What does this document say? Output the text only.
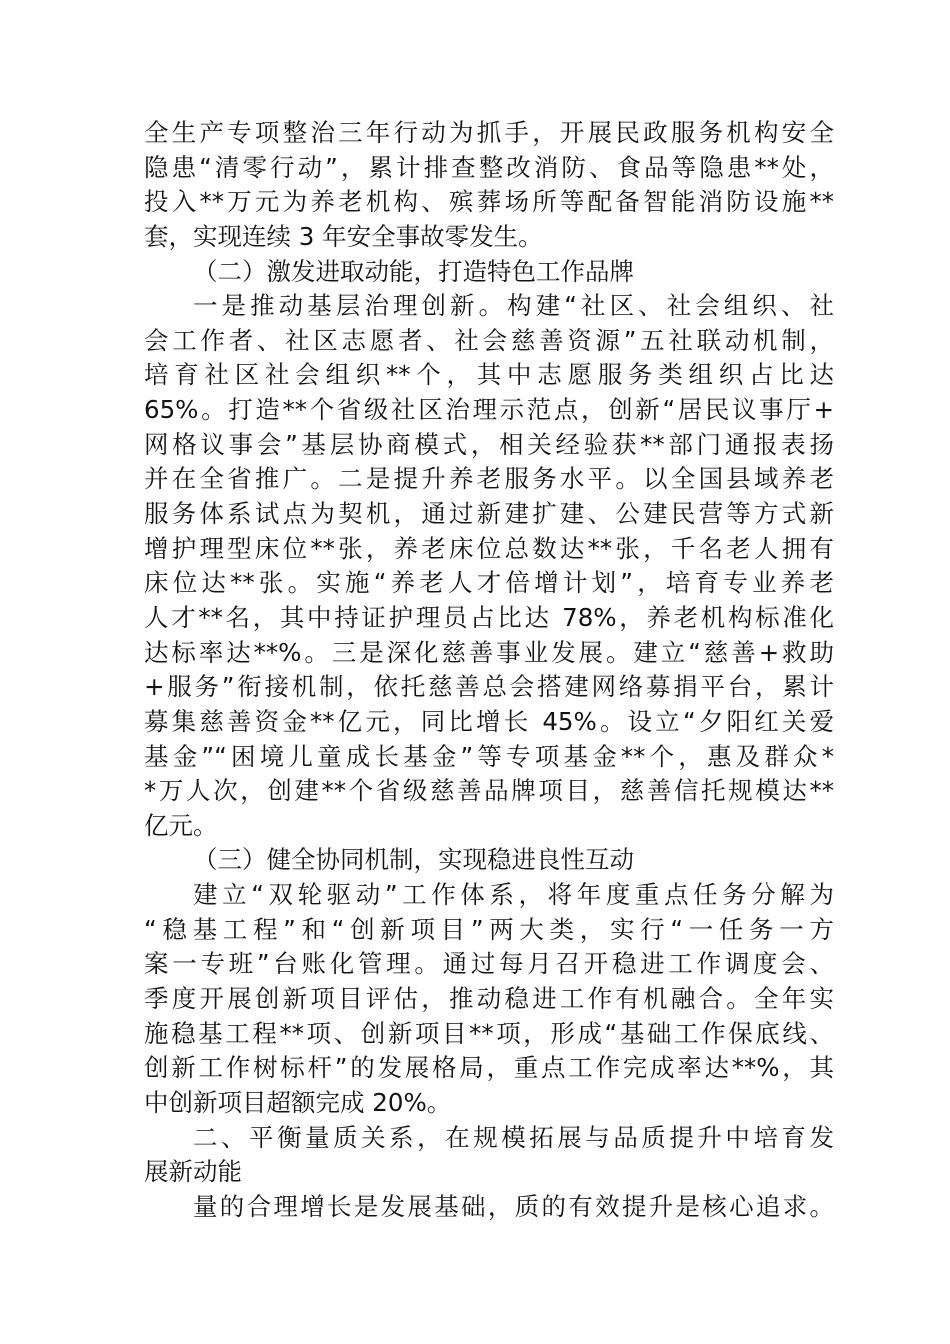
全生产专项整治三年行动为抓手，开展民政服务机构安全
隐患“清零行动”，累计排查整改消防、食品等隐患**处，
投入**万元为养老机构、殡葬场所等配备智能消防设施**
套，实现连续 3 年安全事故零发生。
（二）激发进取动能，打造特色工作品牌
一是推动基层治理创新。构建“社区、社会组织、社
会工作者、社区志愿者、社会慈善资源”五社联动机制，
培育社区社会组织**个，其中志愿服务类组织占比达
65%。打造**个省级社区治理示范点，创新“居民议事厅+
网格议事会”基层协商模式，相关经验获**部门通报表扬
并在全省推广。二是提升养老服务水平。以全国县域养老
服务体系试点为契机，通过新建扩建、公建民营等方式新
增护理型床位**张，养老床位总数达**张，千名老人拥有
床位达**张。实施“养老人才倍增计划”，培育专业养老
人才**名，其中持证护理员占比达 78%，养老机构标准化
达标率达**%。三是深化慈善事业发展。建立“慈善+救助
+服务”衔接机制，依托慈善总会搭建网络募捐平台，累计
募集慈善资金**亿元，同比增长 45%。设立“夕阳红关爱
基金”“困境儿童成长基金”等专项基金**个，惠及群众*
*万人次，创建**个省级慈善品牌项目，慈善信托规模达**
亿元。
（三）健全协同机制，实现稳进良性互动
建立“双轮驱动”工作体系，将年度重点任务分解为
“稳基工程”和“创新项目”两大类，实行“一任务一方
案一专班”台账化管理。通过每月召开稳进工作调度会、
季度开展创新项目评估，推动稳进工作有机融合。全年实
施稳基工程**项、创新项目**项，形成“基础工作保底线、
创新工作树标杆”的发展格局，重点工作完成率达**%，其
中创新项目超额完成 20%。
二、平衡量质关系，在规模拓展与品质提升中培育发
展新动能
量的合理增长是发展基础，质的有效提升是核心追求。
